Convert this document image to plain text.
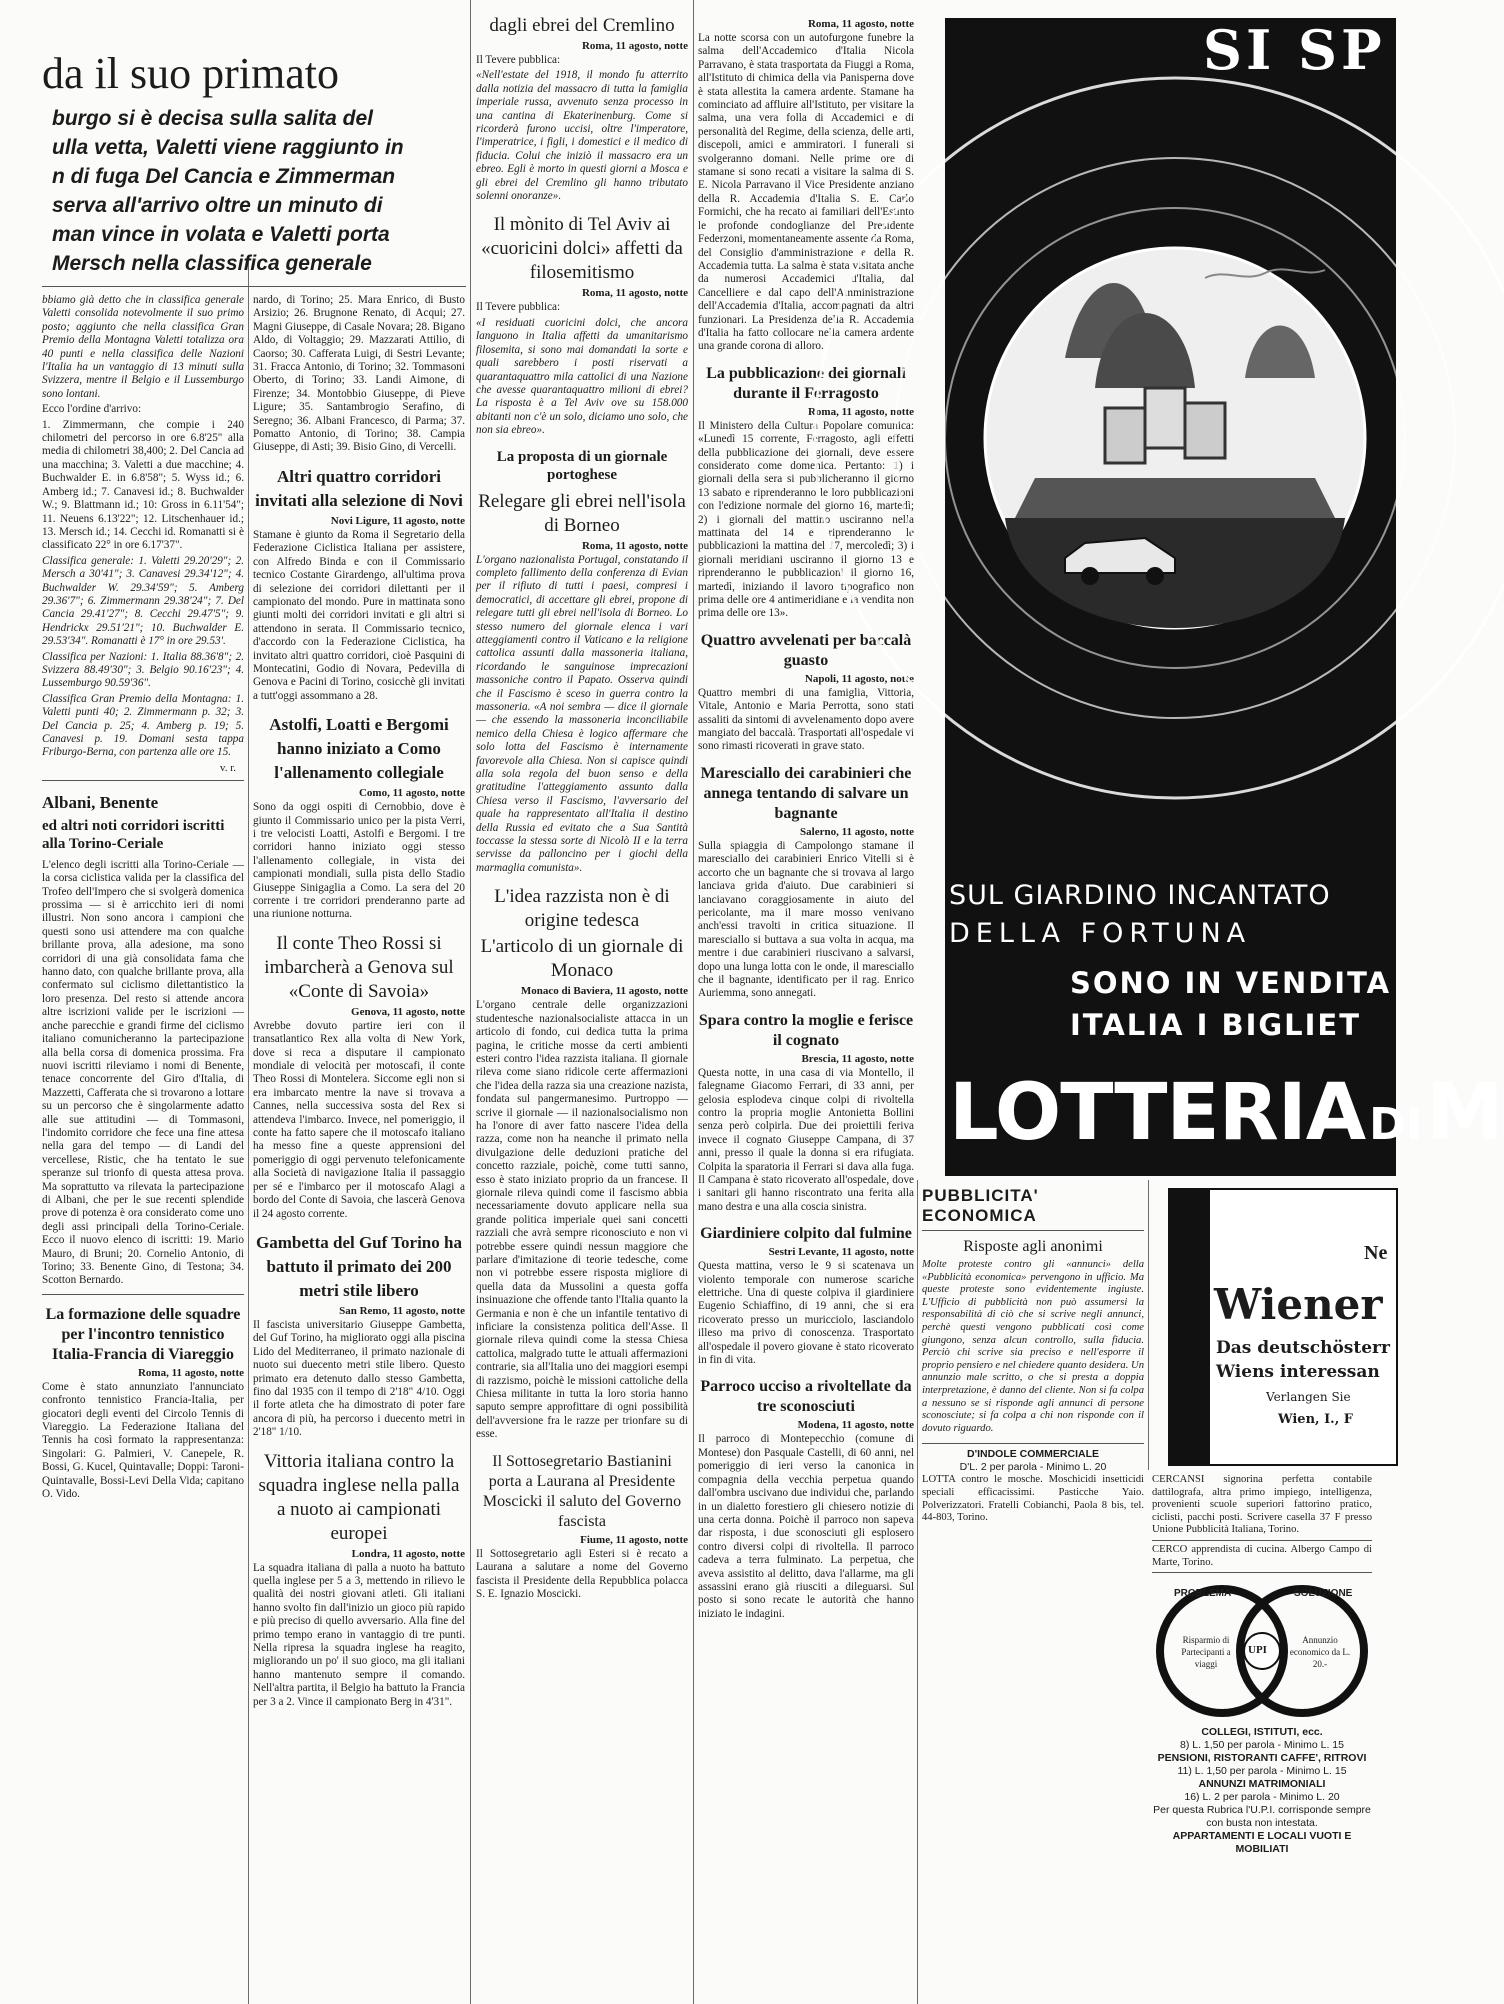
da il suo primato

burgo si è decisa sulla salita del

ulla vetta, Valetti viene raggiunto in

n di fuga Del Cancia e Zimmerman

serva all'arrivo oltre un minuto di

man vince in volata e Valetti porta

Mersch nella classifica generale

bbiamo già detto che in classifica generale Valetti consolida notevolmente il suo primo posto; aggiunto che nella classifica Gran Premio della Montagna Valetti totalizza ora 40 punti e nella classifica delle Nazioni l'Italia ha un vantaggio di 13 minuti sulla Svizzera, mentre il Belgio e il Lussemburgo sono lontani.

Ecco l'ordine d'arrivo:

1. Zimmermann, che compie i 240 chilometri del percorso in ore 6.8'25" alla media di chilometri 38,400; 2. Del Cancia ad una macchina; 3. Valetti a due macchine; 4. Buchwalder E. in 6.8'58"; 5. Wyss id.; 6. Amberg id.; 7. Canavesi id.; 8. Buchwalder W.; 9. Blattmann id.; 10: Gross in 6.11'54"; 11. Neuens 6.13'22"; 12. Litschenhauer id.; 13. Mersch id.; 14. Cecchi id. Romanatti si è classificato 22° in ore 6.17'37".

Classifica generale: 1. Valetti 29.20'29"; 2. Mersch a 30'41"; 3. Canavesi 29.34'12"; 4. Buchwalder W. 29.34'59"; 5. Amberg 29.36'7"; 6. Zimmermann 29.38'24"; 7. Del Cancia 29.41'27"; 8. Cecchi 29.47'5"; 9. Hendrickx 29.51'21"; 10. Buchwalder E. 29.53'34". Romanatti è 17° in ore 29.53'.

Classifica per Nazioni: 1. Italia 88.36'8"; 2. Svizzera 88.49'30"; 3. Belgio 90.16'23"; 4. Lussemburgo 90.59'36".

Classifica Gran Premio della Montagna: 1. Valetti punti 40; 2. Zimmermann p. 32; 3. Del Cancia p. 25; 4. Amberg p. 19; 5. Canavesi p. 19. Domani sesta tappa Friburgo-Berna, con partenza alle ore 15.

v. r.

Albani, Benente
ed altri noti corridori iscritti alla Torino-Ceriale

L'elenco degli iscritti alla Torino-Ceriale — la corsa ciclistica valida per la classifica del Trofeo dell'Impero che si svolgerà domenica prossima — si è arricchito ieri di nomi illustri. Non sono ancora i campioni che questi sono usi attendere ma con qualche brillante prova, alla adesione, ma sono corridori di una già consolidata fama che hanno dato, con qualche brillante prova, alla confermato sul ciclismo dilettantistico la loro presenza. Del resto si attende ancora altre iscrizioni valide per le iscrizioni — anche parecchie e grandi firme del ciclismo italiano comunicheranno la partecipazione alla bella corsa di domenica prossima. Fra nuovi iscritti rileviamo i nomi di Benente, tenace concorrente del Giro d'Italia, di Mazzetti, Cafferata che si trovarono a lottare su un percorso che è singolarmente adatto alle sue attitudini — di Tommasoni, l'indomito corridore che fece una fine attesa nella gara del tempo — di Landi del vercellese, Ristic, che ha tentato le sue speranze sul trionfo di questa attesa prova. Ma soprattutto va rilevata la partecipazione di Albani, che per le sue recenti splendide prove di potenza è ora considerato come uno degli assi principali della Torino-Ceriale. Ecco il nuovo elenco di iscritti: 19. Mario Mauro, di Bruni; 20. Cornelio Antonio, di Torino; 33. Benente Gino, di Testona; 34. Scotton Bernardo.

La formazione delle squadre per l'incontro tennistico Italia-Francia di Viareggio

Roma, 11 agosto, notte

Come è stato annunziato l'annunciato confronto tennistico Francia-Italia, per giocatori degli eventi del Circolo Tennis di Viareggio. La Federazione Italiana del Tennis ha così formato la rappresentanza: Singolari: G. Palmieri, V. Canepele, R. Bossi, G. Kucel, Quintavalle; Doppi: Taroni-Quintavalle, Bossi-Levi Della Vida; capitano O. Vido.

nardo, di Torino; 25. Mara Enrico, di Busto Arsizio; 26. Brugnone Renato, di Acqui; 27. Magni Giuseppe, di Casale Novara; 28. Bigano Aldo, di Voltaggio; 29. Mazzarati Attilio, di Caorso; 30. Cafferata Luigi, di Sestri Levante; 31. Fracca Antonio, di Torino; 32. Tommasoni Oberto, di Torino; 33. Landi Aimone, di Firenze; 34. Montobbio Giuseppe, di Pieve Ligure; 35. Santambrogio Serafino, di Seregno; 36. Albani Francesco, di Parma; 37. Pomatto Antonio, di Torino; 38. Campia Giuseppe, di Asti; 39. Bisio Gino, di Vercelli.

Altri quattro corridori invitati alla selezione di Novi

Novi Ligure, 11 agosto, notte

Stamane è giunto da Roma il Segretario della Federazione Ciclistica Italiana per assistere, con Alfredo Binda e con il Commissario tecnico Costante Girardengo, all'ultima prova di selezione dei corridori dilettanti per il campionato del mondo. Pure in mattinata sono giunti molti dei corridori invitati e gli altri si attendono in serata. Il Commissario tecnico, d'accordo con la Federazione Ciclistica, ha invitato altri quattro corridori, cioè Pasquini di Montecatini, Godio di Novara, Pedevilla di Genova e Pacini di Torino, cosicchè gli invitati a tutt'oggi assommano a 28.

Astolfi, Loatti e Bergomi hanno iniziato a Como l'allenamento collegiale

Como, 11 agosto, notte

Sono da oggi ospiti di Cernobbio, dove è giunto il Commissario unico per la pista Verri, i tre velocisti Loatti, Astolfi e Bergomi. I tre corridori hanno iniziato oggi stesso l'allenamento collegiale, in vista dei campionati mondiali, sulla pista dello Stadio Giuseppe Sinigaglia a Como. La sera del 20 corrente i tre corridori prenderanno parte ad una riunione notturna.

Il conte Theo Rossi si imbarcherà a Genova sul «Conte di Savoia»

Genova, 11 agosto, notte

Avrebbe dovuto partire ieri con il transatlantico Rex alla volta di New York, dove si reca a disputare il campionato mondiale di velocità per motoscafi, il conte Theo Rossi di Montelera. Siccome egli non si era imbarcato mentre la nave si trovava a Cannes, nella successiva sosta del Rex si attendeva l'imbarco. Invece, nel pomeriggio, il conte ha fatto sapere che il motoscafo italiano ha messo fine a queste apprensioni del pomeriggio di oggi pervenuto telefonicamente alla Società di navigazione Italia il passaggio per sé e l'imbarco per il motoscafo Alagi a bordo del Conte di Savoia, che lascerà Genova il 24 agosto corrente.

Gambetta del Guf Torino ha battuto il primato dei 200 metri stile libero

San Remo, 11 agosto, notte

Il fascista universitario Giuseppe Gambetta, del Guf Torino, ha migliorato oggi alla piscina Lido del Mediterraneo, il primato nazionale di nuoto sui duecento metri stile libero. Questo primato era detenuto dallo stesso Gambetta, fino dal 1935 con il tempo di 2'18" 4/10. Oggi il forte atleta che ha dimostrato di poter fare ancora di più, ha percorso i duecento metri in 2'18" 1/10.

Vittoria italiana contro la squadra inglese nella palla a nuoto ai campionati europei

Londra, 11 agosto, notte

La squadra italiana di palla a nuoto ha battuto quella inglese per 5 a 3, mettendo in rilievo le qualità dei nostri giovani atleti. Gli italiani hanno svolto fin dall'inizio un gioco più rapido e più preciso di quello avversario. Alla fine del primo tempo erano in vantaggio di tre punti. Nella ripresa la squadra inglese ha reagito, migliorando un po' il suo gioco, ma gli italiani hanno mantenuto sempre il comando. Nell'altra partita, il Belgio ha battuto la Francia per 3 a 2. Vince il campionato Berg in 4'31".

dagli ebrei del Cremlino

Roma, 11 agosto, notte

Il Tevere pubblica:

«Nell'estate del 1918, il mondo fu atterrito dalla notizia del massacro di tutta la famiglia imperiale russa, avvenuto senza processo in una cantina di Ekaterinenburg. Come si ricorderà furono uccisi, oltre l'imperatore, l'imperatrice, i figli, i domestici e il medico di fiducia. Colui che iniziò il massacro era un ebreo. Egli è morto in questi giorni a Mosca e gli ebrei del Cremlino gli hanno tributato solenni onoranze».

Il mònito di Tel Aviv ai «cuoricini dolci» affetti da filosemitismo

Roma, 11 agosto, notte

Il Tevere pubblica:

«I residuati cuoricini dolci, che ancora languono in Italia affetti da umanitarismo filosemita, si sono mai domandati la sorte e quali sarebbero i posti riservati a quarantaquattro mila cattolici di una Nazione che avesse quarantaquattro milioni di ebrei? La risposta è a Tel Aviv ove su 158.000 abitanti non c'è un solo, diciamo uno solo, che non sia ebreo».

La proposta di un giornale portoghese
Relegare gli ebrei nell'isola di Borneo

Roma, 11 agosto, notte

L'organo nazionalista Portugal, constatando il completo fallimento della conferenza di Evian per il rifiuto di tutti i paesi, compresi i democratici, di accettare gli ebrei, propone di relegare tutti gli ebrei nell'isola di Borneo. Lo stesso numero del giornale elenca i vari atteggiamenti contro il Vaticano e la religione cattolica assunti dalla massoneria italiana, ricordando le sanguinose imprecazioni massoniche contro il Papato. Osserva quindi che il Fascismo è sceso in guerra contro la massoneria. «A noi sembra — dice il giornale — che essendo la massoneria inconciliabile nemico della Chiesa è logico affermare che solo lotta del Fascismo è internamente favorevole alla Chiesa. Non si capisce quindi alla sola regola del buon senso e della gratitudine l'atteggiamento assunto dalla Chiesa verso il Fascismo, l'avversario del quale ha rappresentato all'Italia il destino della Russia ed evitato che a Sua Santità toccasse la stessa sorte di Nicolò II e la terra servisse da palloncino per i giochi della marmaglia comunista».

L'idea razzista non è di origine tedesca
L'articolo di un giornale di Monaco

Monaco di Baviera, 11 agosto, notte

L'organo centrale delle organizzazioni studentesche nazionalsocialiste attacca in un articolo di fondo, cui dedica tutta la prima pagina, le critiche mosse da certi ambienti esteri contro l'idea razzista italiana. Il giornale rileva come siano ridicole certe affermazioni che l'idea della razza sia una creazione nazista, fondata sul pangermanesimo. Purtroppo — scrive il giornale — il nazionalsocialismo non ha l'onore di aver fatto nascere l'idea della razza, come non ha neanche il primato nella divulgazione delle deduzioni pratiche del concetto razziale, poichè, come tutti sanno, esso è stato iniziato proprio da un francese. Il giornale rileva quindi come il fascismo abbia necessariamente dovuto applicare nella sua grande politica imperiale quei sani concetti razziali che avrà sempre riconosciuto e non vi potrebbe essere quindi nessun maggiore che parlare d'imitazione di teorie tedesche, come non vi potrebbe essere risposta migliore di quella data da Mussolini a questa goffa insinuazione che offende tanto l'Italia quanto la Germania e non è che un infantile tentativo di inficiare la consistenza politica dell'Asse. Il giornale rileva quindi come la stessa Chiesa cattolica, malgrado tutte le attuali affermazioni contrarie, sia all'Italia uno dei maggiori esempi di razzismo, poichè le missioni cattoliche della Chiesa militante in tutta la loro storia hanno saputo sempre approfittare di ogni possibilità dell'avversione fra le razze per trionfare su di esse.

Il Sottosegretario Bastianini porta a Laurana al Presidente Moscicki il saluto del Governo fascista

Fiume, 11 agosto, notte

Il Sottosegretario agli Esteri si è recato a Laurana a salutare a nome del Governo fascista il Presidente della Repubblica polacca S. E. Ignazio Moscicki.

Roma, 11 agosto, notte

La notte scorsa con un autofurgone funebre la salma dell'Accademico d'Italia Nicola Parravano, è stata trasportata da Fiuggi a Roma, all'Istituto di chimica della via Panisperna dove è stata allestita la camera ardente. Stamane ha cominciato ad affluire all'Istituto, per visitare la salma, una vera folla di Accademici e di personalità del Regime, della scienza, delle arti, discepoli, amici e ammiratori. I funerali si svolgeranno domani. Nelle prime ore di stamane si sono recati a visitare la salma di S. E. Nicola Parravano il Vice Presidente anziano della R. Accademia d'Italia S. E. Carlo Formichi, che ha recato ai familiari dell'Estinto le profonde condoglianze del Presidente Federzoni, momentaneamente assente da Roma, del Consiglio d'amministrazione e della R. Accademia tutta. La salma è stata visitata anche da numerosi Accademici d'Italia, dal Cancelliere e dal capo dell'Amministrazione dell'Accademia d'Italia, accompagnati da altri funzionari. La Presidenza della R. Accademia d'Italia ha fatto collocare nella camera ardente una grande corona di alloro.

La pubblicazione dei giornali durante il Ferragosto

Roma, 11 agosto, notte

Il Ministero della Cultura Popolare comunica: «Lunedì 15 corrente, Ferragosto, agli effetti della pubblicazione dei giornali, deve essere considerato come domenica. Pertanto: 1) i giornali della sera si pubblicheranno il giorno 13 sabato e riprenderanno le loro pubblicazioni con l'edizione normale del giorno 16, martedì; 2) i giornali del mattino usciranno nella mattinata del 14 e riprenderanno le pubblicazioni la mattina del 17, mercoledì; 3) i giornali meridiani usciranno il giorno 13 e riprenderanno le pubblicazioni il giorno 16, martedì, iniziando il lavoro tipografico non prima delle ore 4 antimeridiane e la vendita non prima delle ore 13».

Quattro avvelenati per baccalà guasto

Napoli, 11 agosto, notte

Quattro membri di una famiglia, Vittoria, Vitale, Antonio e Maria Perrotta, sono stati assaliti da sintomi di avvelenamento dopo avere mangiato del baccalà. Trasportati all'ospedale vi sono rimasti ricoverati in grave stato.

Maresciallo dei carabinieri che annega tentando di salvare un bagnante

Salerno, 11 agosto, notte

Sulla spiaggia di Campolongo stamane il maresciallo dei carabinieri Enrico Vitelli si è accorto che un bagnante che si trovava al largo lanciava grida d'aiuto. Due carabinieri si lanciavano coraggiosamente in aiuto del pericolante, ma il mare mosso venivano anch'essi travolti in critica situazione. Il maresciallo si buttava a sua volta in acqua, ma mentre i due carabinieri riuscivano a salvarsi, dopo una lunga lotta con le onde, il maresciallo che il bagnante, identificato per il rag. Enrico Auriemma, sono annegati.

Spara contro la moglie e ferisce il cognato

Brescia, 11 agosto, notte

Questa notte, in una casa di via Montello, il falegname Giacomo Ferrari, di 33 anni, per gelosia esplodeva cinque colpi di rivoltella contro la propria moglie Antonietta Bollini senza però colpirla. Due dei proiettili feriva invece il cognato Giuseppe Campana, di 37 anni, presso il quale la donna si era rifugiata. Colpita la sparatoria il Ferrari si dava alla fuga. Il Campana è stato ricoverato all'ospedale, dove i sanitari gli hanno riscontrato una ferita alla mano destra e una alla coscia sinistra.

Giardiniere colpito dal fulmine

Sestri Levante, 11 agosto, notte

Questa mattina, verso le 9 si scatenava un violento temporale con numerose scariche elettriche. Una di queste colpiva il giardiniere Eugenio Schiaffino, di 19 anni, che si era ricoverato presso un muricciolo, lasciandolo illeso ma privo di conoscenza. Trasportato all'ospedale il povero giovane è stato ricoverato in fin di vita.

Parroco ucciso a rivoltellate da tre sconosciuti

Modena, 11 agosto, notte

Il parroco di Montepecchio (comune di Montese) don Pasquale Castelli, di 60 anni, nel pomeriggio di ieri verso la canonica in compagnia della vecchia perpetua quando dall'ombra uscivano due individui che, parlando in un dialetto forestiero gli chiesero notizie di una certa donna. Poichè il parroco non sapeva dar risposta, i due sconosciuti gli esplosero contro diversi colpi di rivoltella. Il parroco cadeva a terra fulminato. La perpetua, che aveva assistito al delitto, dava l'allarme, ma gli assassini erano già riusciti a dileguarsi. Sul posto si sono recate le autorità che hanno iniziato le indagini.

SI SP
SUL GIARDINO INCANTATO
DELLA FORTUNA
SONO IN VENDITA
ITALIA I BIGLIET
LOTTERIADIM
PUBBLICITA' ECONOMICA
Risposte agli anonimi

Molte proteste contro gli «annunci» della «Pubblicità economica» pervengono in ufficio. Ma queste proteste sono evidentemente ingiuste. L'Ufficio di pubblicità non può assumersi la responsabilità di ciò che si scrive negli annunci, perchè questi vengono pubblicati così come giungono, senza alcun controllo, sulla fiducia. Perciò chi scrive sia preciso e nell'esporre il proprio pensiero e nel chiedere quanto desidera. Un annunzio male scritto, o che si presta a doppia interpretazione, è danno del cliente. Non si fa colpa a nessuno se si risponde agli annunci di persone sconosciute; si fa colpa a chi non risponde con il dovuto riguardo.

D'INDOLE COMMERCIALE

D'L. 2 per parola - Minimo L. 20

LOTTA contro le mosche. Moschicidi insetticidi speciali efficacissimi. Pasticche Yaio. Polverizzatori. Fratelli Cobianchi, Paola 8 bis, tel. 44-803, Torino.

Ne
Wiener
Das deutschösterr
Wiens interessan
Verlangen Sie
Wien, I., F

CERCANSI signorina perfetta contabile dattilografa, altra primo impiego, intelligenza, provenienti scuole superiori fattorino pratico, ciclisti, pacchi posti. Scrivere casella 37 F presso Unione Pubblicità Italiana, Torino.

CERCO apprendista di cucina. Albergo Campo di Marte, Torino.

PROBLEMA	SOLUZIONE
Risparmio di Partecipanti a viaggi
Annunzio economico da L. 20.-
UPI

COLLEGI, ISTITUTI, ecc.

8) L. 1,50 per parola - Minimo L. 15

PENSIONI, RISTORANTI CAFFE', RITROVI

11) L. 1,50 per parola - Minimo L. 15

ANNUNZI MATRIMONIALI

16) L. 2 per parola - Minimo L. 20

Per questa Rubrica l'U.P.I. corrisponde sempre con busta non intestata.

APPARTAMENTI E LOCALI VUOTI E MOBILIATI
